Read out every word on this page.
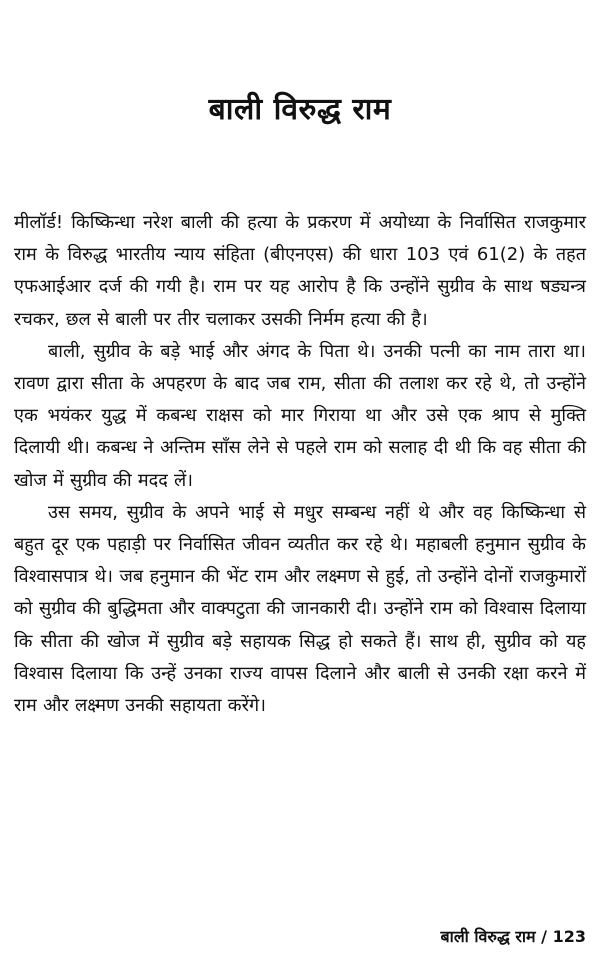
बाली विरुद्ध राम

मीलॉर्ड! किष्किन्धा नरेश बाली की हत्या के प्रकरण में अयोध्या के निर्वासित राजकुमार राम के विरुद्ध भारतीय न्याय संहिता (बीएनएस) की धारा 103 एवं 61(2) के तहत एफआईआर दर्ज की गयी है। राम पर यह आरोप है कि उन्होंने सुग्रीव के साथ षड्यन्त्र रचकर, छल से बाली पर तीर चलाकर उसकी निर्मम हत्या की है।

बाली, सुग्रीव के बड़े भाई और अंगद के पिता थे। उनकी पत्नी का नाम तारा था। रावण द्वारा सीता के अपहरण के बाद जब राम, सीता की तलाश कर रहे थे, तो उन्होंने एक भयंकर युद्ध में कबन्ध राक्षस को मार गिराया था और उसे एक श्राप से मुक्ति दिलायी थी। कबन्ध ने अन्तिम साँस लेने से पहले राम को सलाह दी थी कि वह सीता की खोज में सुग्रीव की मदद लें।

उस समय, सुग्रीव के अपने भाई से मधुर सम्बन्ध नहीं थे और वह किष्किन्धा से बहुत दूर एक पहाड़ी पर निर्वासित जीवन व्यतीत कर रहे थे। महाबली हनुमान सुग्रीव के विश्वासपात्र थे। जब हनुमान की भेंट राम और लक्ष्मण से हुई, तो उन्होंने दोनों राजकुमारों को सुग्रीव की बुद्धिमता और वाक्पटुता की जानकारी दी। उन्होंने राम को विश्वास दिलाया कि सीता की खोज में सुग्रीव बड़े सहायक सिद्ध हो सकते हैं। साथ ही, सुग्रीव को यह विश्वास दिलाया कि उन्हें उनका राज्य वापस दिलाने और बाली से उनकी रक्षा करने में राम और लक्ष्मण उनकी सहायता करेंगे।

बाली विरुद्ध राम / 123
